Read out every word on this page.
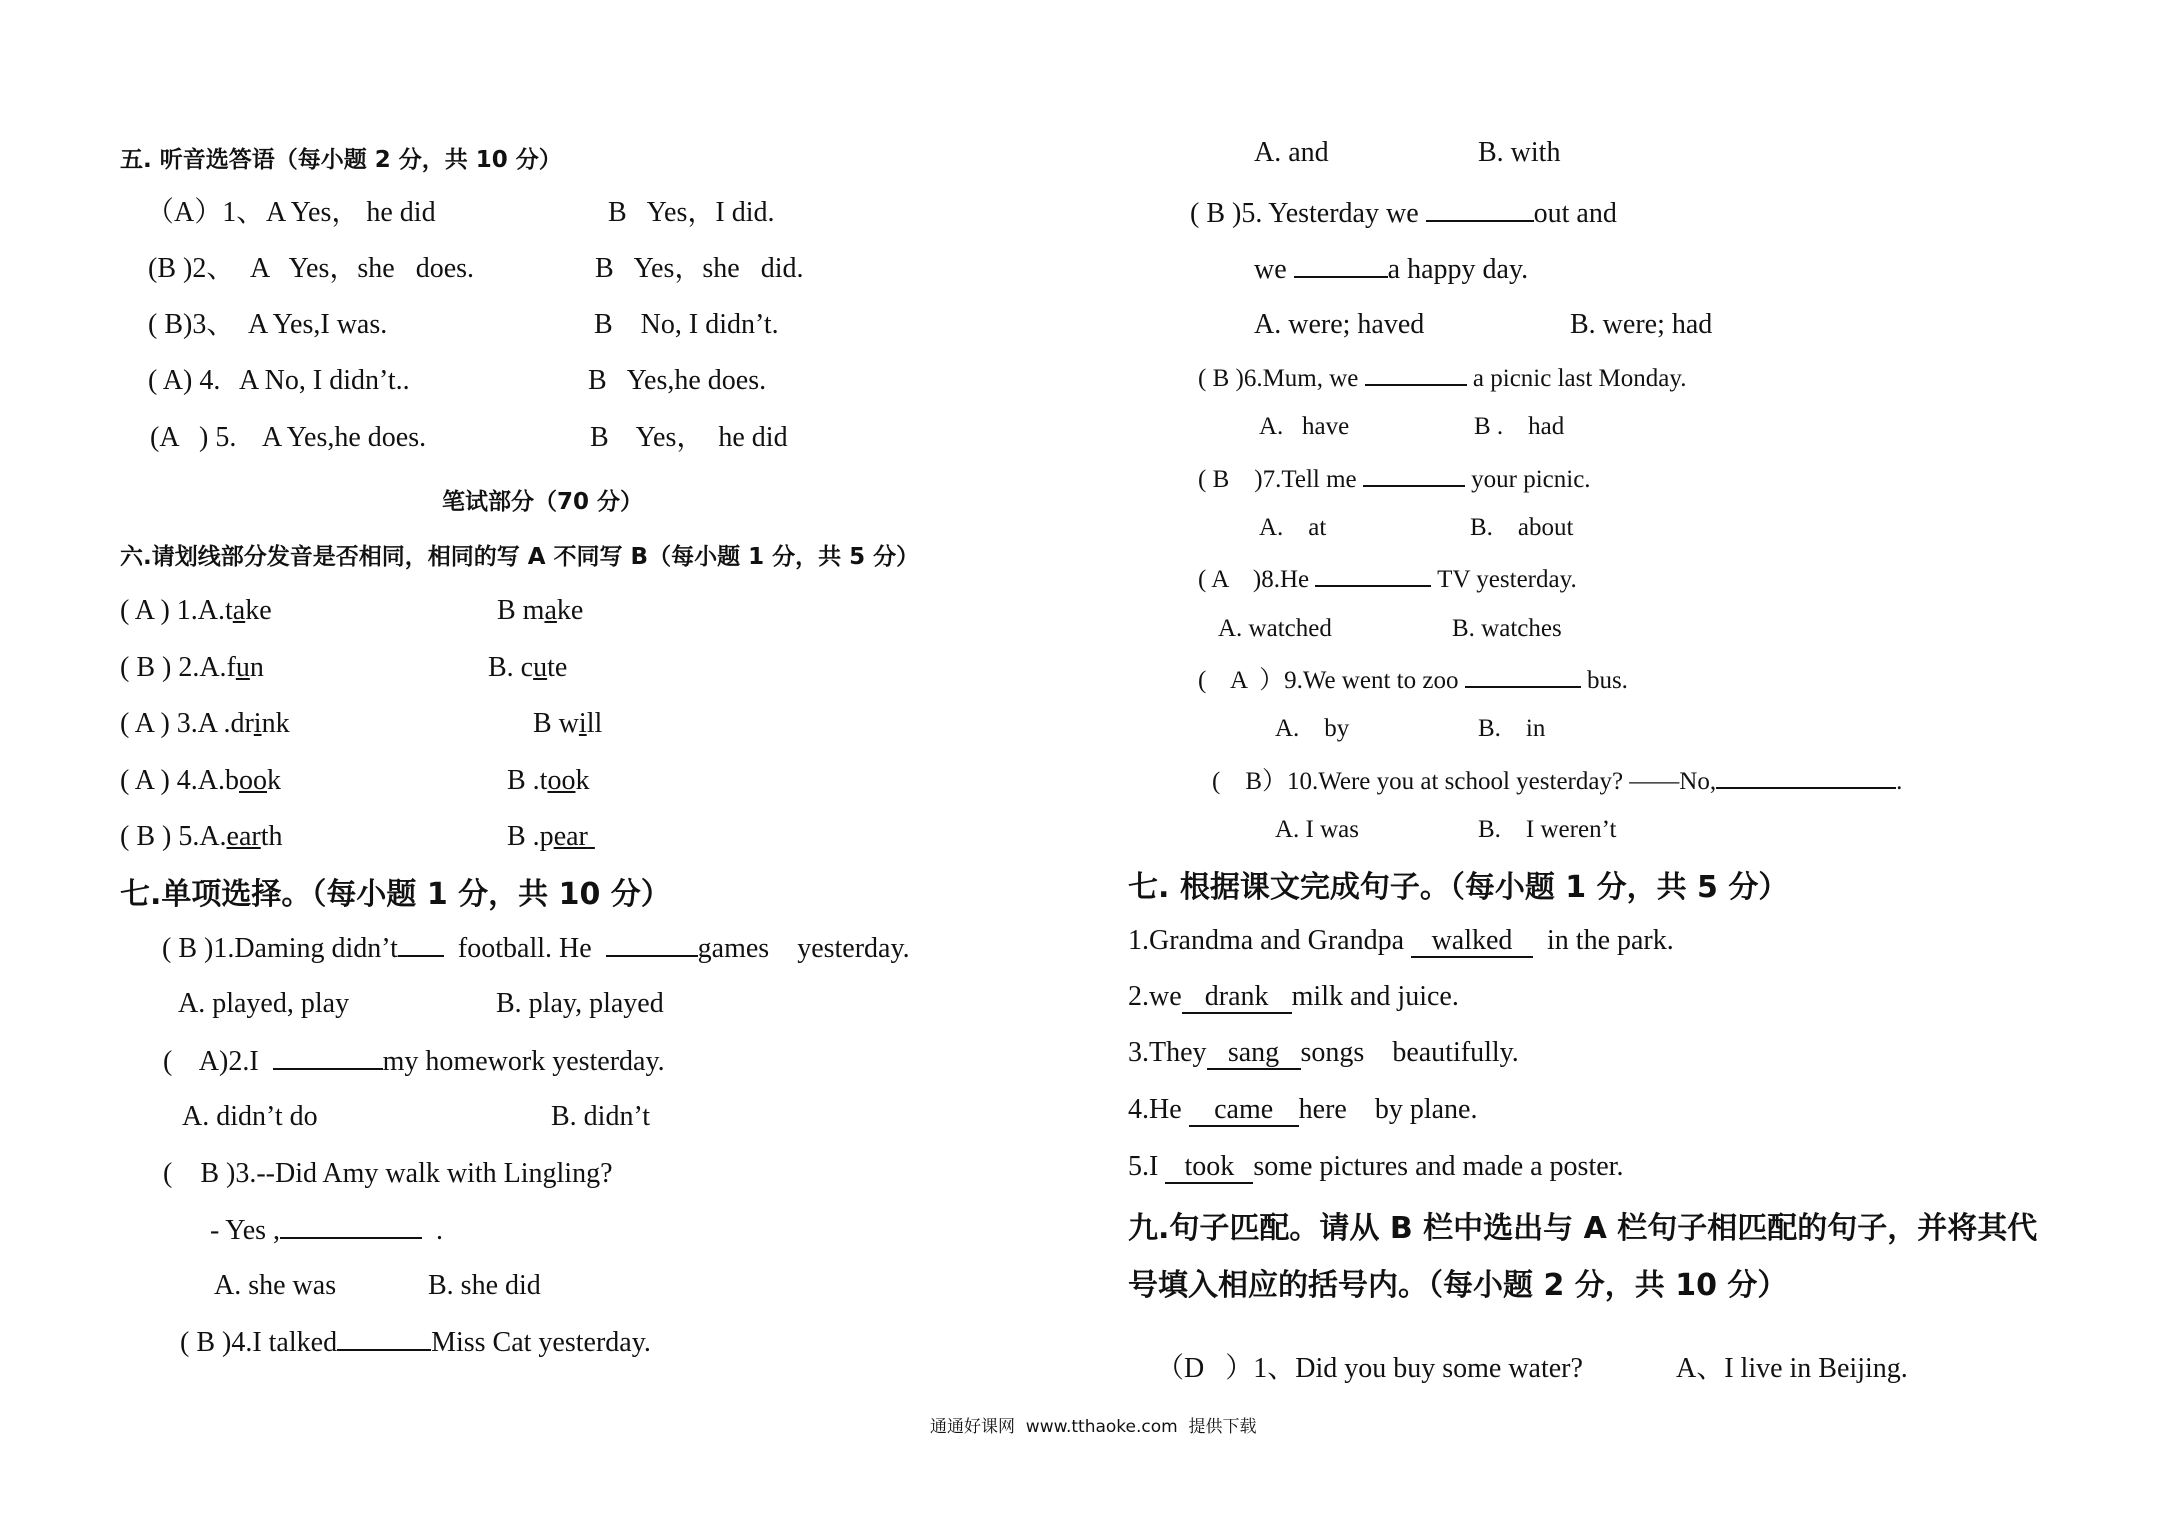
五. 听音选答语（每小题 2 分，共 10 分）
（A）1、 A Yes， he did	B   Yes，I did.
(B )2、 A   Yes，she   does.	B   Yes，she   did.
( B)3、 A Yes,I was.	B    No, I didn’t.
( A) 4. A No, I didn’t..	B   Yes,he does.
(A   ) 5. A Yes,he does.	B    Yes，  he did
笔试部分（70 分）
六.请划线部分发音是否相同，相同的写 A 不同写 B（每小题 1 分，共 5 分）
( A ) 1.A.take	B make
( B ) 2.A.fun	B. cute
( A ) 3.A .drink	B will
( A ) 4.A.book	B .took
( B ) 5.A.earth	B .pear
七.单项选择。（每小题 1 分，共 10 分）
( B )1.Daming didn’t football. He	games    yesterday.
A. played, play	B. play, played
(    A)2.I	my homework yesterday.
A. didn’t do	B. didn’t
(    B )3.--Did Amy walk with Lingling?
- Yes ,	.
A. she was	B. she did
( B )4.I talked	Miss Cat yesterday.
A. and	B. with
( B )5. Yesterday we	out and
we	a happy day.
A. were; haved	B. were; had
( B )6.Mum, we	a picnic last Monday.
A.   have	B .    had
( B    )7.Tell me	your picnic.
A.    at	B.    about
( A    )8.He	TV yesterday.
A. watched	B. watches
(    A  ）9.We went to zoo	bus.
A.    by	B.    in
(    B）10.Were you at school yesterday? ——No,	.
A. I was	B.    I weren’t
七. 根据课文完成句子。（每小题 1 分，共 5 分）
1.Grandma and Grandpa walked  in the park.
2.we drank milk and juice.
3.They sang songs    beautifully.
4.He came here    by plane.
5.I took some pictures and made a poster.
九.句子匹配。请从 B 栏中选出与 A 栏句子相匹配的句子，并将其代
号填入相应的括号内。（每小题 2 分，共 10 分）
（D   ）1、Did you buy some water?	A、I live in Beijing.
通通好课网  www.tthaoke.com  提供下载
